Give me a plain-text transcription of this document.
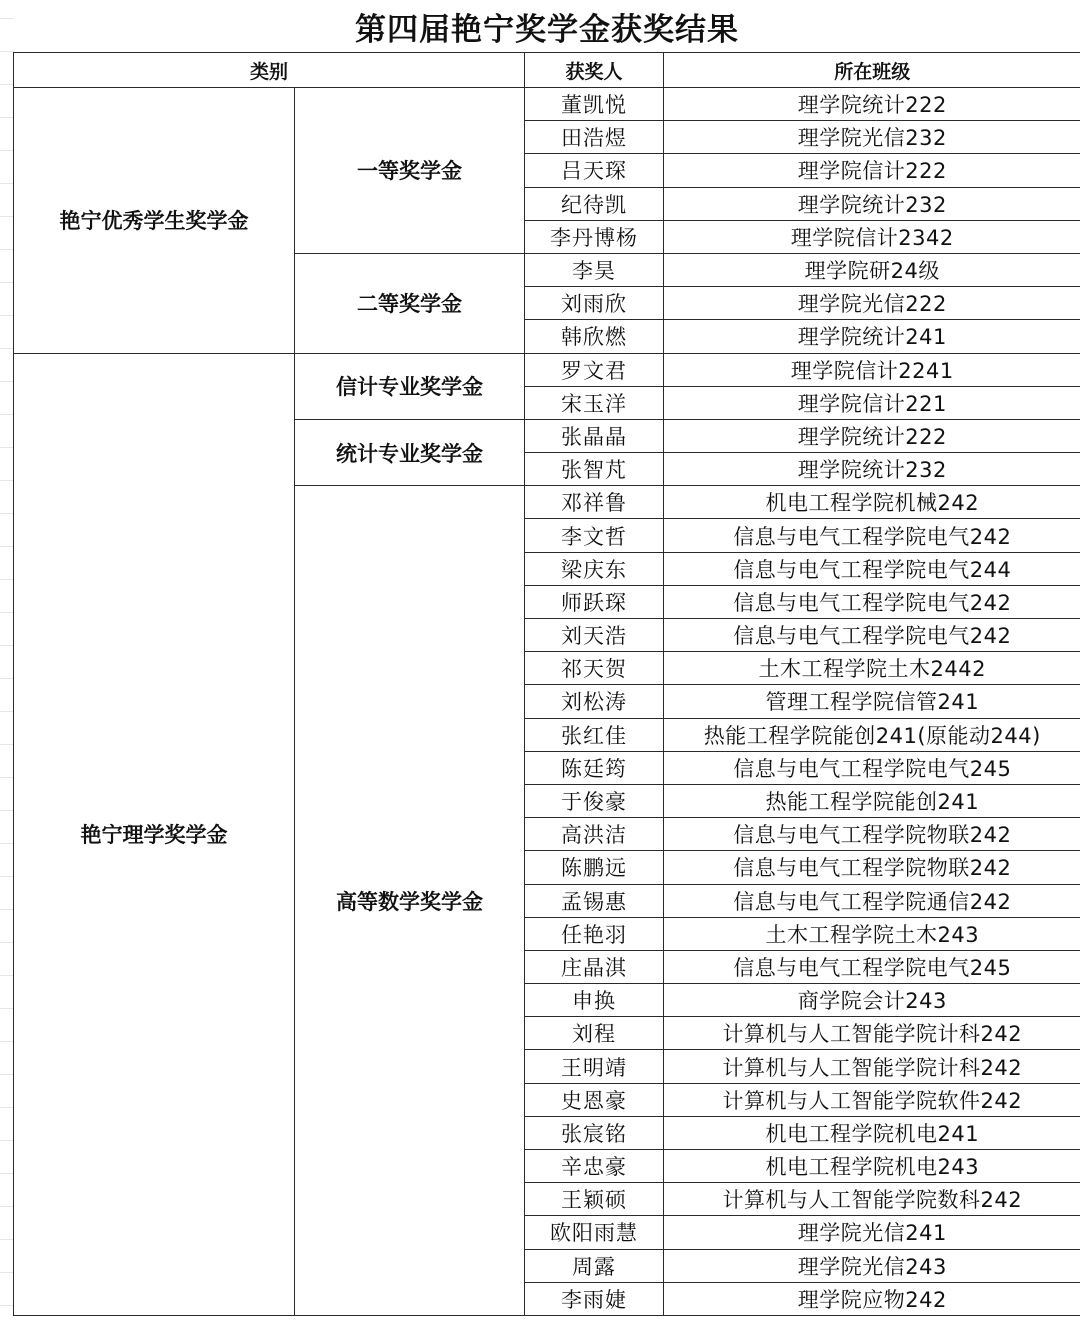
第四届艳宁奖学金获奖结果
类别		获奖人	所在班级
艳宁优秀学生奖学金	一等奖学金	董凯悦	理学院统计222
		田浩煜	理学院光信232
		吕天琛	理学院信计222
		纪待凯	理学院统计232
		李丹博杨	理学院信计2342
	二等奖学金	李昊	理学院研24级
		刘雨欣	理学院光信222
		韩欣燃	理学院统计241
艳宁理学奖学金	信计专业奖学金	罗文君	理学院信计2241
		宋玉洋	理学院信计221
	统计专业奖学金	张晶晶	理学院统计222
		张智芃	理学院统计232
	高等数学奖学金	邓祥鲁	机电工程学院机械242
		李文哲	信息与电气工程学院电气242
		梁庆东	信息与电气工程学院电气244
		师跃琛	信息与电气工程学院电气242
		刘天浩	信息与电气工程学院电气242
		祁天贺	土木工程学院土木2442
		刘松涛	管理工程学院信管241
		张红佳	热能工程学院能创241(原能动244)
		陈廷筠	信息与电气工程学院电气245
		于俊豪	热能工程学院能创241
		高洪洁	信息与电气工程学院物联242
		陈鹏远	信息与电气工程学院物联242
		孟锡惠	信息与电气工程学院通信242
		任艳羽	土木工程学院土木243
		庄晶淇	信息与电气工程学院电气245
		申换	商学院会计243
		刘程	计算机与人工智能学院计科242
		王明靖	计算机与人工智能学院计科242
		史恩豪	计算机与人工智能学院软件242
		张宸铭	机电工程学院机电241
		辛忠豪	机电工程学院机电243
		王颖硕	计算机与人工智能学院数科242
		欧阳雨慧	理学院光信241
		周露	理学院光信243
		李雨婕	理学院应物242
